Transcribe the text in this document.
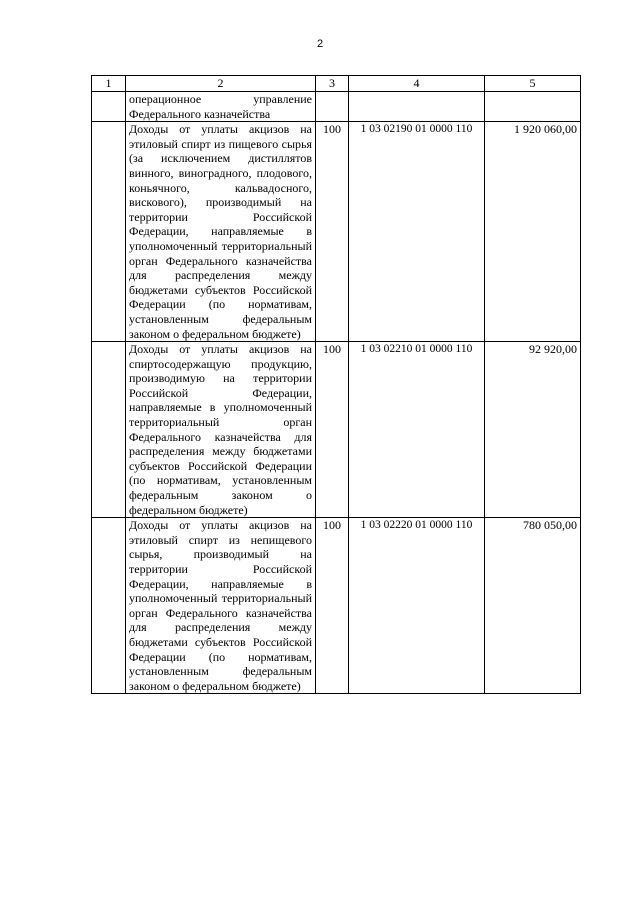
2
1	2	3	4	5
	операционное управление Федерального казначейства			
	Доходы от уплаты акцизов на этиловый спирт из пищевого сырья (за исключением дистиллятов винного, виноградного, плодового, коньячного, кальвадосного, вискового), производимый на территории Российской Федерации, направляемые в уполномоченный территориальный орган Федерального казначейства для распределения между бюджетами субъектов Российской Федерации (по нормативам, установленным федеральным законом о федеральном бюджете)	100	1 03 02190 01 0000 110	1 920 060,00
	Доходы от уплаты акцизов на спиртосодержащую продукцию, производимую на территории Российской Федерации, направляемые в уполномоченный территориальный орган Федерального казначейства для распределения между бюджетами субъектов Российской Федерации (по нормативам, установленным федеральным законом о федеральном бюджете)	100	1 03 02210 01 0000 110	92 920,00
	Доходы от уплаты акцизов на этиловый спирт из непищевого сырья, производимый на территории Российской Федерации, направляемые в уполномоченный территориальный орган Федерального казначейства для распределения между бюджетами субъектов Российской Федерации (по нормативам, установленным федеральным законом о федеральном бюджете)	100	1 03 02220 01 0000 110	780 050,00
